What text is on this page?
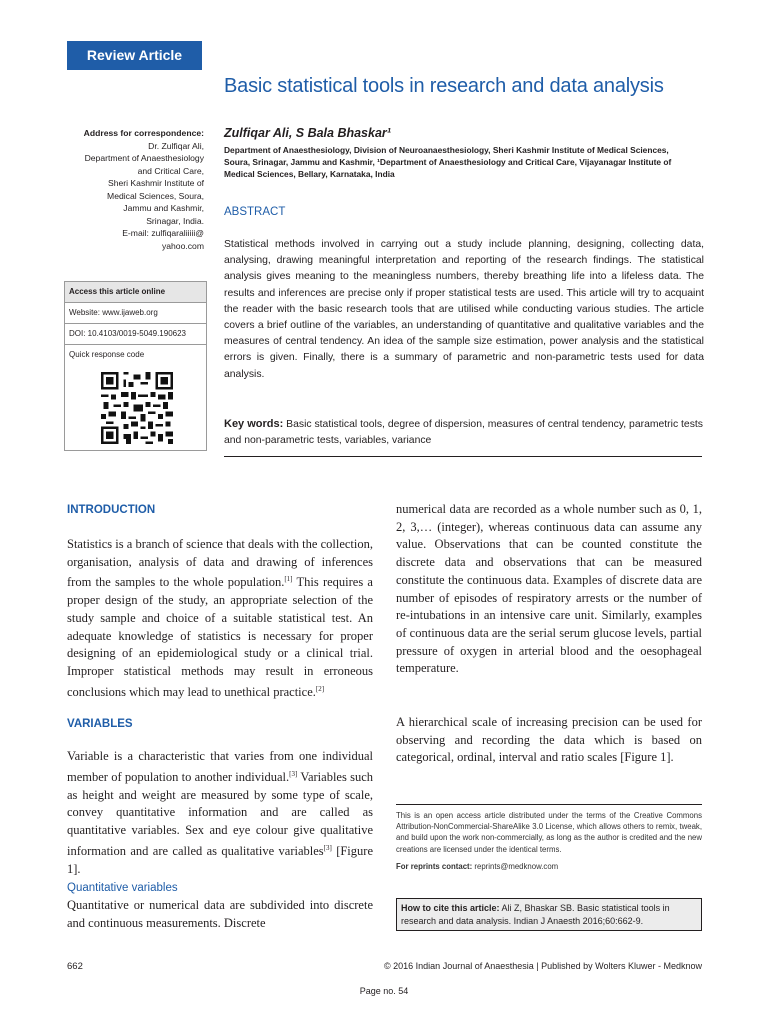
Review Article
Basic statistical tools in research and data analysis
Address for correspondence:
Dr. Zulfiqar Ali,
Department of Anaesthesiology
and Critical Care,
Sheri Kashmir Institute of
Medical Sciences, Soura,
Jammu and Kashmir,
Srinagar, India.
E-mail: zulfiqaraliiiii@
yahoo.com
Access this article online
Website: www.ijaweb.org
DOI: 10.4103/0019-5049.190623
Quick response code
Zulfiqar Ali, S Bala Bhaskar¹
Department of Anaesthesiology, Division of Neuroanaesthesiology, Sheri Kashmir Institute of Medical Sciences, Soura, Srinagar, Jammu and Kashmir, ¹Department of Anaesthesiology and Critical Care, Vijayanagar Institute of Medical Sciences, Bellary, Karnataka, India
ABSTRACT
Statistical methods involved in carrying out a study include planning, designing, collecting data, analysing, drawing meaningful interpretation and reporting of the research findings. The statistical analysis gives meaning to the meaningless numbers, thereby breathing life into a lifeless data. The results and inferences are precise only if proper statistical tests are used. This article will try to acquaint the reader with the basic research tools that are utilised while conducting various studies. The article covers a brief outline of the variables, an understanding of quantitative and qualitative variables and the measures of central tendency. An idea of the sample size estimation, power analysis and the statistical errors is given. Finally, there is a summary of parametric and non-parametric tests used for data analysis.
Key words: Basic statistical tools, degree of dispersion, measures of central tendency, parametric tests and non-parametric tests, variables, variance
INTRODUCTION
Statistics is a branch of science that deals with the collection, organisation, analysis of data and drawing of inferences from the samples to the whole population.[1] This requires a proper design of the study, an appropriate selection of the study sample and choice of a suitable statistical test. An adequate knowledge of statistics is necessary for proper designing of an epidemiological study or a clinical trial. Improper statistical methods may result in erroneous conclusions which may lead to unethical practice.[2]
VARIABLES
Variable is a characteristic that varies from one individual member of population to another individual.[3] Variables such as height and weight are measured by some type of scale, convey quantitative information and are called as quantitative variables. Sex and eye colour give qualitative information and are called as qualitative variables[3] [Figure 1].
Quantitative variables
Quantitative or numerical data are subdivided into discrete and continuous measurements. Discrete
numerical data are recorded as a whole number such as 0, 1, 2, 3,… (integer), whereas continuous data can assume any value. Observations that can be counted constitute the discrete data and observations that can be measured constitute the continuous data. Examples of discrete data are number of episodes of respiratory arrests or the number of re-intubations in an intensive care unit. Similarly, examples of continuous data are the serial serum glucose levels, partial pressure of oxygen in arterial blood and the oesophageal temperature.
A hierarchical scale of increasing precision can be used for observing and recording the data which is based on categorical, ordinal, interval and ratio scales [Figure 1].
This is an open access article distributed under the terms of the Creative Commons Attribution-NonCommercial-ShareAlike 3.0 License, which allows others to remix, tweak, and build upon the work non-commercially, as long as the author is credited and the new creations are licensed under the identical terms.
For reprints contact: reprints@medknow.com
How to cite this article: Ali Z, Bhaskar SB. Basic statistical tools in research and data analysis. Indian J Anaesth 2016;60:662-9.
662	© 2016 Indian Journal of Anaesthesia | Published by Wolters Kluwer - Medknow
Page no. 54
